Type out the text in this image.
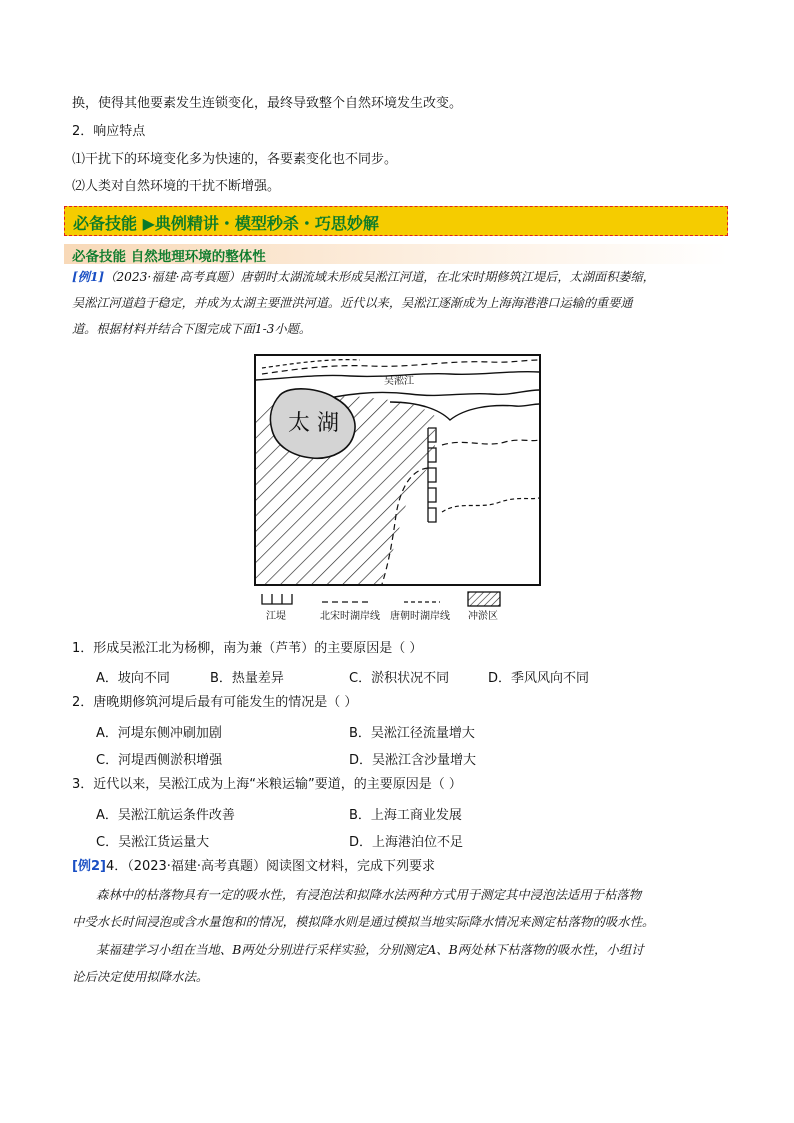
换，使得其他要素发生连锁变化，最终导致整个自然环境发生改变。
2．响应特点
⑴干扰下的环境变化多为快速的，各要素变化也不同步。
⑵人类对自然环境的干扰不断增强。
必备技能 ▶典例精讲・模型秒杀・巧思妙解
必备技能 自然地理环境的整体性
[例1]（2023·福建·高考真题）唐朝时太湖流域未形成吴淞江河道，在北宋时期修筑江堤后，太湖面积萎缩，
吴淞江河道趋于稳定，并成为太湖主要泄洪河道。近代以来，吴淞江逐渐成为上海海港港口运输的重要通
道。根据材料并结合下图完成下面1-3小题。
太 湖
吴淞江
江堤	北宋时湖岸线 唐朝时湖岸线 冲淤区
1．形成吴淞江北为杨柳，南为兼（芦苇）的主要原因是（ ）
A．坡向不同	B．热量差异	C．淤积状况不同	D．季风风向不同
2．唐晚期修筑河堤后最有可能发生的情况是（ ）
A．河堤东侧冲刷加剧	B．吴淞江径流量增大
C．河堤西侧淤积增强	D．吴淞江含沙量增大
3．近代以来，吴淞江成为上海“米粮运输”要道，的主要原因是（ ）
A．吴淞江航运条件改善	B．上海工商业发展
C．吴淞江货运量大	D．上海港泊位不足
[例2]4．（2023·福建·高考真题）阅读图文材料，完成下列要求
森林中的枯落物具有一定的吸水性，有浸泡法和拟降水法两种方式用于测定其中浸泡法适用于枯落物
中受水长时间浸泡或含水量饱和的情况，模拟降水则是通过模拟当地实际降水情况来测定枯落物的吸水性。
某福建学习小组在当地、B两处分别进行采样实验，分别测定A、B两处林下枯落物的吸水性，小组讨
论后决定使用拟降水法。
